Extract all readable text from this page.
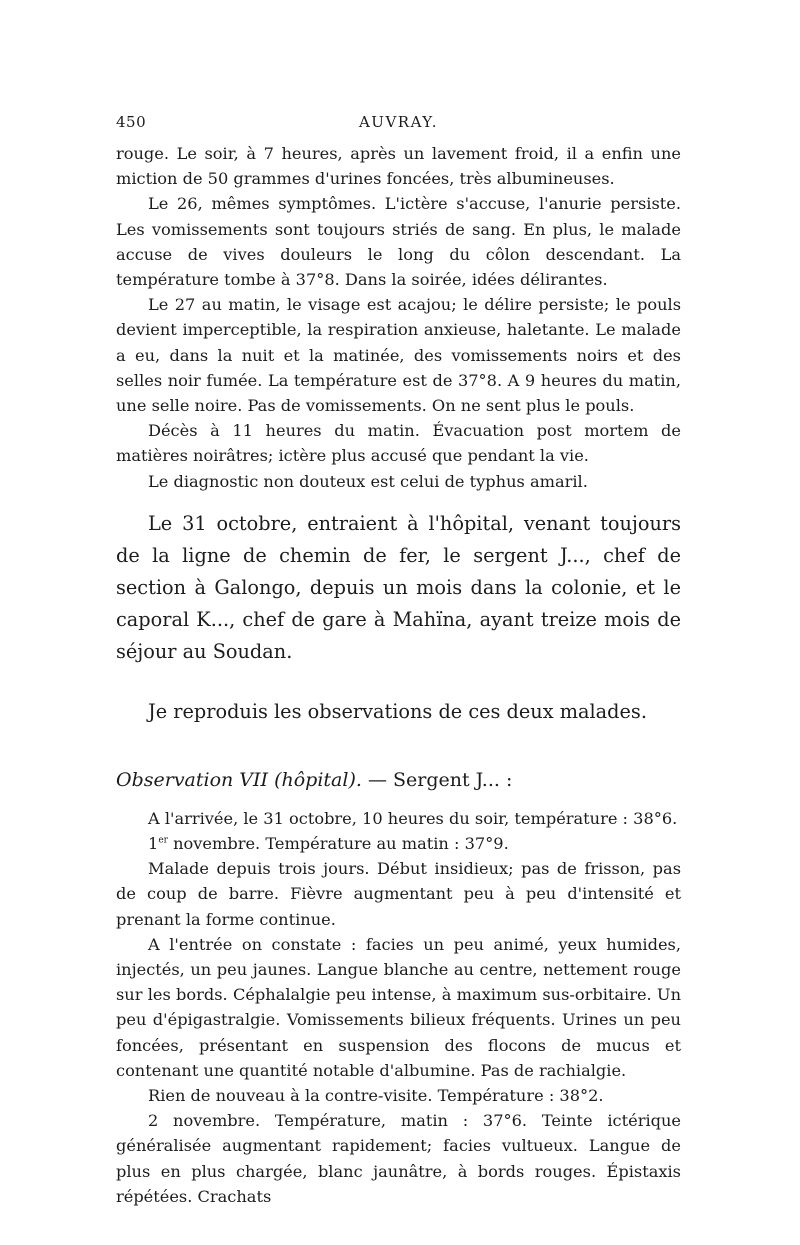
450	AUVRAY.

rouge. Le soir, à 7 heures, après un lavement froid, il a enfin une miction de 50 grammes d'urines foncées, très albumineuses.

Le 26, mêmes symptômes. L'ictère s'accuse, l'anurie persiste. Les vomissements sont toujours striés de sang. En plus, le malade accuse de vives douleurs le long du côlon descendant. La température tombe à 37°8. Dans la soirée, idées délirantes.

Le 27 au matin, le visage est acajou; le délire persiste; le pouls devient imperceptible, la respiration anxieuse, haletante. Le malade a eu, dans la nuit et la matinée, des vomissements noirs et des selles noir fumée. La température est de 37°8. A 9 heures du matin, une selle noire. Pas de vomissements. On ne sent plus le pouls.

Décès à 11 heures du matin. Évacuation post mortem de matières noirâtres; ictère plus accusé que pendant la vie.

Le diagnostic non douteux est celui de typhus amaril.

Le 31 octobre, entraient à l'hôpital, venant toujours de la ligne de chemin de fer, le sergent J..., chef de section à Galongo, depuis un mois dans la colonie, et le caporal K..., chef de gare à Mahïna, ayant treize mois de séjour au Soudan.

Je reproduis les observations de ces deux malades.

Observation VII (hôpital). — Sergent J... :

A l'arrivée, le 31 octobre, 10 heures du soir, température : 38°6.

1er novembre. Température au matin : 37°9.

Malade depuis trois jours. Début insidieux; pas de frisson, pas de coup de barre. Fièvre augmentant peu à peu d'intensité et prenant la forme continue.

A l'entrée on constate : facies un peu animé, yeux humides, injectés, un peu jaunes. Langue blanche au centre, nettement rouge sur les bords. Céphalalgie peu intense, à maximum sus-orbitaire. Un peu d'épigastralgie. Vomissements bilieux fréquents. Urines un peu foncées, présentant en suspension des flocons de mucus et contenant une quantité notable d'albumine. Pas de rachialgie.

Rien de nouveau à la contre-visite. Température : 38°2.

2 novembre. Température, matin : 37°6. Teinte ictérique généralisée augmentant rapidement; facies vultueux. Langue de plus en plus chargée, blanc jaunâtre, à bords rouges. Épistaxis répétées. Crachats
